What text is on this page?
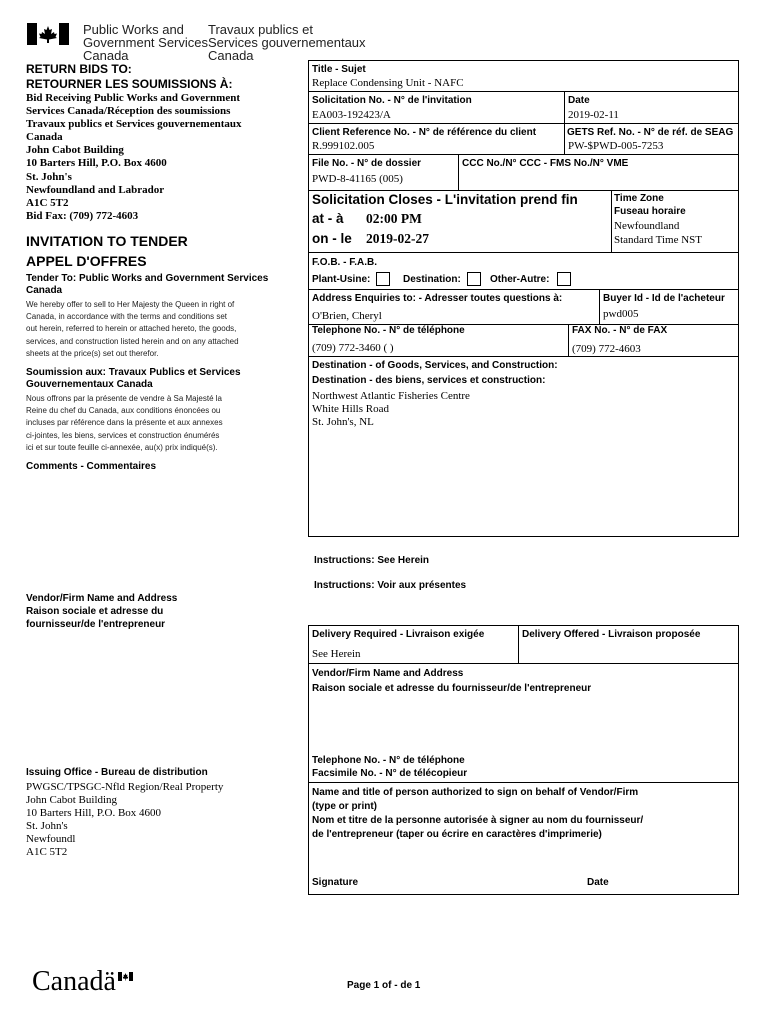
Public Works and
Government Services
Canada
Travaux publics et
Services gouvernementaux
Canada
RETURN BIDS TO:
RETOURNER LES SOUMISSIONS À:
Bid Receiving Public Works and Government
Services Canada/Réception des soumissions
Travaux publics et Services gouvernementaux
Canada
John Cabot Building
10 Barters Hill, P.O. Box 4600
St. John's
Newfoundland and Labrador
A1C 5T2
Bid Fax: (709) 772-4603
INVITATION TO TENDER
APPEL D'OFFRES
Tender To: Public Works and Government Services
Canada
We hereby offer to sell to Her Majesty the Queen in right of
Canada, in accordance with the terms and conditions set
out herein, referred to herein or attached hereto, the goods,
services, and construction listed herein and on any attached
sheets at the price(s) set out therefor.
Soumission aux: Travaux Publics et Services
Gouvernementaux Canada
Nous offrons par la présente de vendre à Sa Majesté la
Reine du chef du Canada, aux conditions énoncées ou
incluses par référence dans la présente et aux annexes
ci-jointes, les biens, services et construction énumérés
ici et sur toute feuille ci-annexée, au(x) prix indiqué(s).
Comments - Commentaires
Vendor/Firm Name and Address
Raison sociale et adresse du
fournisseur/de l'entrepreneur
Issuing Office - Bureau de distribution
PWGSC/TPSGC-Nfld Region/Real Property
John Cabot Building
10 Barters Hill, P.O. Box 4600
St. John's
Newfoundl
A1C 5T2
Title - Sujet
Replace Condensing Unit - NAFC
Solicitation No. - N° de l'invitation
EA003-192423/A
Date
2019-02-11
Client Reference No. - N° de référence du client
R.999102.005
GETS Ref. No. - N° de réf. de SEAG
PW-$PWD-005-7253
File No. - N° de dossier
PWD-8-41165 (005)
CCC No./N° CCC - FMS No./N° VME
Solicitation Closes - L'invitation prend fin
at - à 02:00 PM
on - le 2019-02-27
Time Zone
Fuseau horaire
Newfoundland
Standard Time NST
F.O.B. - F.A.B.
Plant-Usine:	Destination:	Other-Autre:
Address Enquiries to: - Adresser toutes questions à:
O'Brien, Cheryl
Buyer Id - Id de l'acheteur
pwd005
Telephone No. - N° de téléphone
(709) 772-3460 ( )
FAX No. - N° de FAX
(709) 772-4603
Destination - of Goods, Services, and Construction:
Destination - des biens, services et construction:
Northwest Atlantic Fisheries Centre
White Hills Road
St. John's, NL
Instructions: See Herein
Instructions: Voir aux présentes
Delivery Required - Livraison exigée
See Herein
Delivery Offered - Livraison proposée
Vendor/Firm Name and Address
Raison sociale et adresse du fournisseur/de l'entrepreneur
Telephone No. - N° de téléphone
Facsimile No. - N° de télécopieur
Name and title of person authorized to sign on behalf of Vendor/Firm
(type or print)
Nom et titre de la personne autorisée à signer au nom du fournisseur/
de l'entrepreneur (taper ou écrire en caractères d'imprimerie)
Signature	Date
Canadä	Page 1 of - de 1
